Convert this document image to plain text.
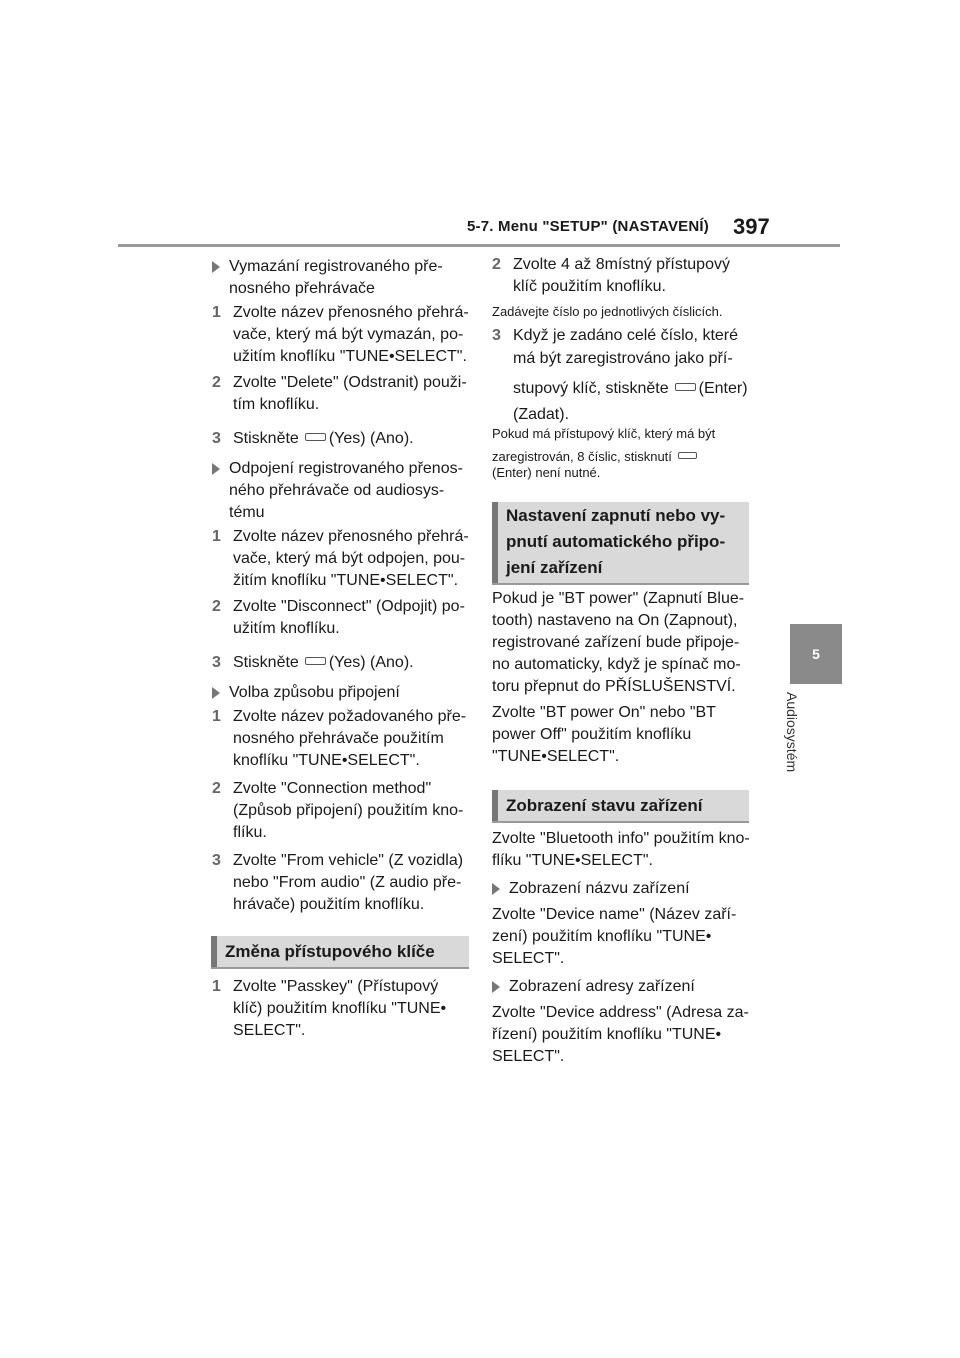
5-7. Menu "SETUP" (NASTAVENÍ) 397
5
Audiosystém
Vymazání registrovaného pře-
nosného přehrávače
1 Zvolte název přenosného přehrá-
vače, který má být vymazán, po-
užitím knoflíku "TUNE•SELECT".
2 Zvolte "Delete" (Odstranit) použi-
tím knoflíku.
3 Stiskněte (Yes) (Ano).
Odpojení registrovaného přenos-
ného přehrávače od audiosys-
tému
1 Zvolte název přenosného přehrá-
vače, který má být odpojen, pou-
žitím knoflíku "TUNE•SELECT".
2 Zvolte "Disconnect" (Odpojit) po-
užitím knoflíku.
3 Stiskněte (Yes) (Ano).
Volba způsobu připojení
1 Zvolte název požadovaného pře-
nosného přehrávače použitím
knoflíku "TUNE•SELECT".
2 Zvolte "Connection method"
(Způsob připojení) použitím kno-
flíku.
3 Zvolte "From vehicle" (Z vozidla)
nebo "From audio" (Z audio pře-
hrávače) použitím knoflíku.
Změna přístupového klíče
1 Zvolte "Passkey" (Přístupový
klíč) použitím knoflíku "TUNE•
SELECT".
2 Zvolte 4 až 8místný přístupový
klíč použitím knoflíku.
Zadávejte číslo po jednotlivých číslicích.
3 Když je zadáno celé číslo, které
má být zaregistrováno jako pří-
stupový klíč, stiskněte (Enter)
(Zadat).
Pokud má přístupový klíč, který má být
zaregistrován, 8 číslic, stisknutí
(Enter) není nutné.
Nastavení zapnutí nebo vy-
pnutí automatického připo-
jení zařízení
Pokud je "BT power" (Zapnutí Blue-
tooth) nastaveno na On (Zapnout),
registrované zařízení bude připoje-
no automaticky, když je spínač mo-
toru přepnut do PŘÍSLUŠENSTVÍ.
Zvolte "BT power On" nebo "BT
power Off" použitím knoflíku
"TUNE•SELECT".
Zobrazení stavu zařízení
Zvolte "Bluetooth info" použitím kno-
flíku "TUNE•SELECT".
Zobrazení názvu zařízení
Zvolte "Device name" (Název zaří-
zení) použitím knoflíku "TUNE•
SELECT".
Zobrazení adresy zařízení
Zvolte "Device address" (Adresa za-
řízení) použitím knoflíku "TUNE•
SELECT".
